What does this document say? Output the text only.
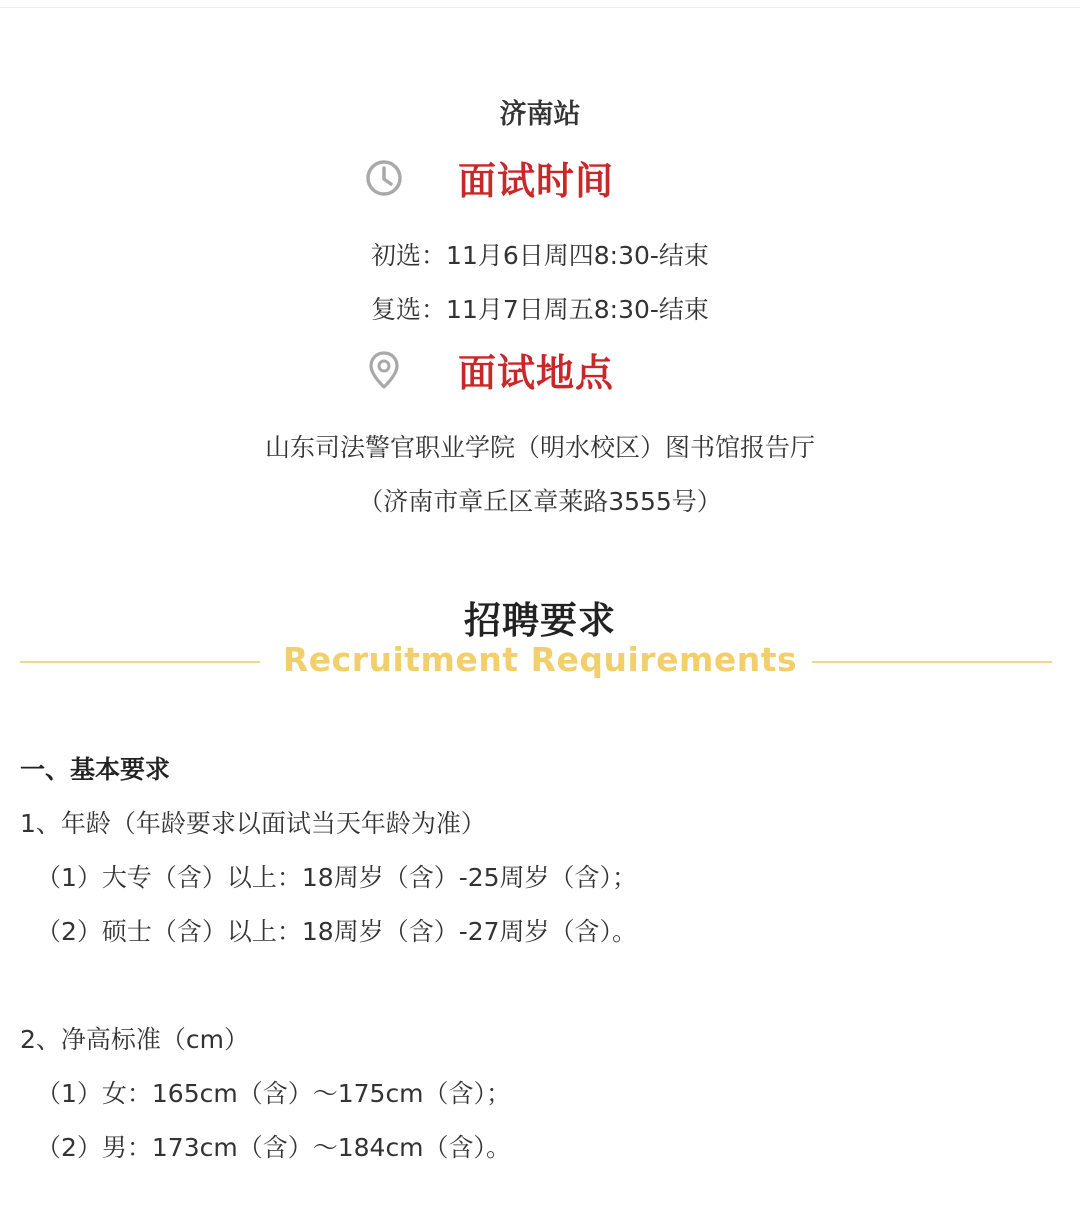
济南站
面试时间
初选：11月6日周四8:30-结束
复选：11月7日周五8:30-结束
面试地点
山东司法警官职业学院（明水校区）图书馆报告厅
（济南市章丘区章莱路3555号）
招聘要求
Recruitment Requirements
一、基本要求
1、年龄（年龄要求以面试当天年龄为准）
（1）大专（含）以上：18周岁（含）-25周岁（含）；
（2）硕士（含）以上：18周岁（含）-27周岁（含）。
2、净高标准（cm）
（1）女：165cm（含）～175cm（含）；
（2）男：173cm（含）～184cm（含）。
